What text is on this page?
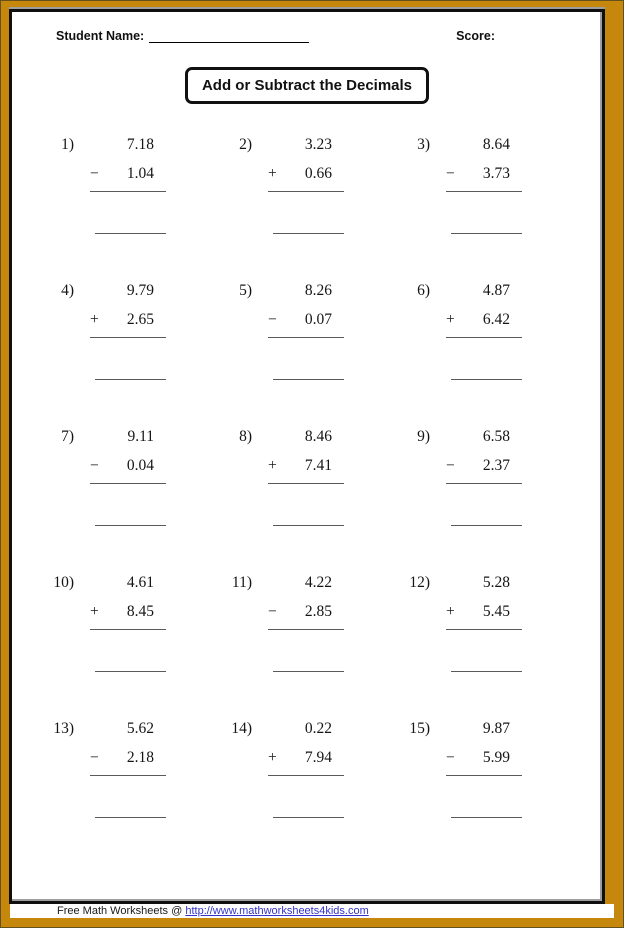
Student Name:	Score:
Add or Subtract the Decimals
1)	7.18
− 1.04
2)	3.23
+ 0.66
3)	8.64
− 3.73
4)	9.79
+ 2.65
5)	8.26
− 0.07
6)	4.87
+ 6.42
7)	9.11
− 0.04
8)	8.46
+ 7.41
9)	6.58
− 2.37
10)	4.61
+ 8.45
11)	4.22
− 2.85
12)	5.28
+ 5.45
13)	5.62
− 2.18
14)	0.22
+ 7.94
15)	9.87
− 5.99
Free Math Worksheets @ http://www.mathworksheets4kids.com
